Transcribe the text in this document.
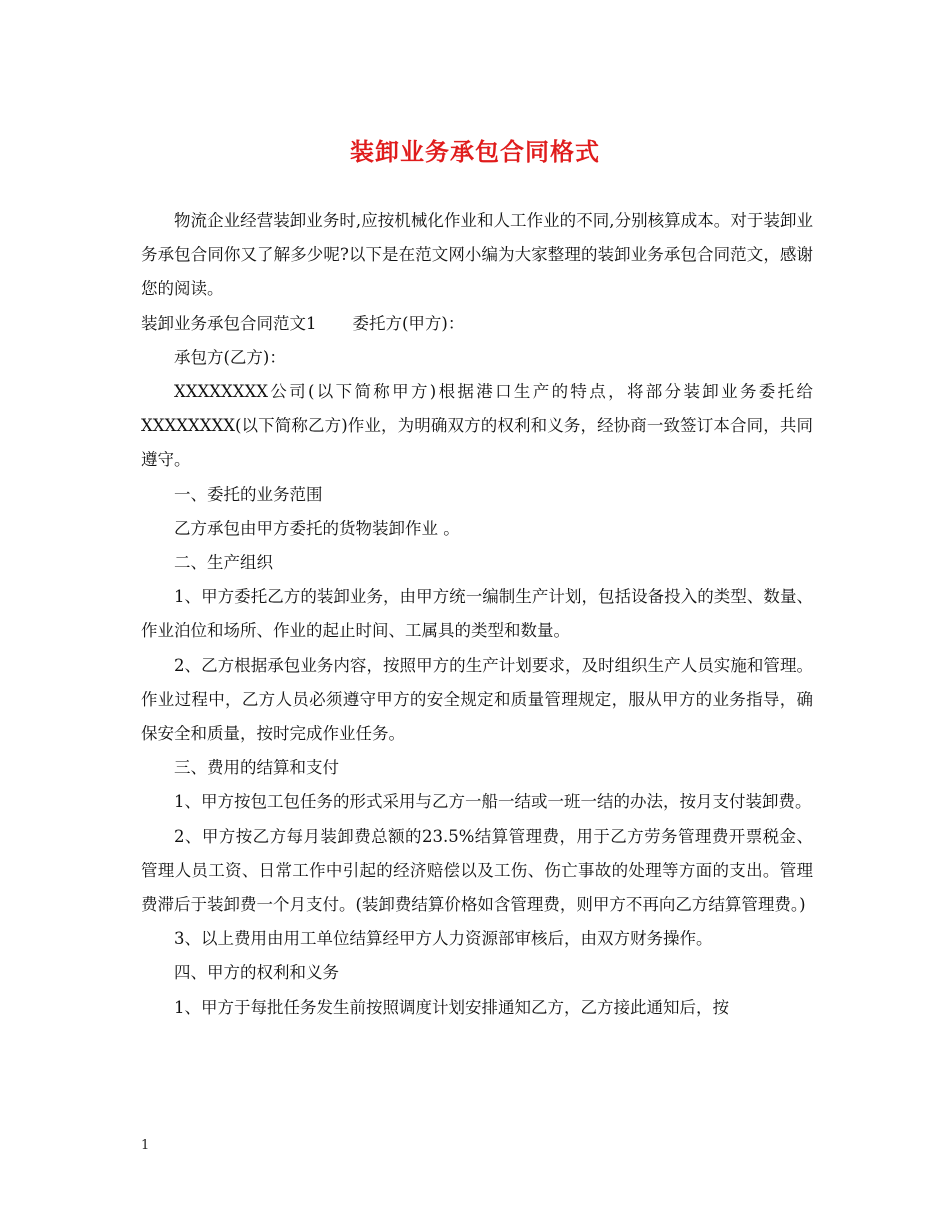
装卸业务承包合同格式

物流企业经营装卸业务时,应按机械化作业和人工作业的不同,分别核算成本。对于装卸业务承包合同你又了解多少呢?以下是在范文网小编为大家整理的装卸业务承包合同范文，感谢您的阅读。

装卸业务承包合同范文1 委托方(甲方)：

承包方(乙方)：

XXXXXXXX公司(以下简称甲方)根据港口生产的特点，将部分装卸业务委托给XXXXXXXX(以下简称乙方)作业，为明确双方的权利和义务，经协商一致签订本合同，共同遵守。

一、委托的业务范围

乙方承包由甲方委托的货物装卸作业 。

二、生产组织

1、甲方委托乙方的装卸业务，由甲方统一编制生产计划，包括设备投入的类型、数量、作业泊位和场所、作业的起止时间、工属具的类型和数量。

2、乙方根据承包业务内容，按照甲方的生产计划要求，及时组织生产人员实施和管理。作业过程中，乙方人员必须遵守甲方的安全规定和质量管理规定，服从甲方的业务指导，确保安全和质量，按时完成作业任务。

三、费用的结算和支付

1、甲方按包工包任务的形式采用与乙方一船一结或一班一结的办法，按月支付装卸费。

2、甲方按乙方每月装卸费总额的23.5%结算管理费，用于乙方劳务管理费开票税金、管理人员工资、日常工作中引起的经济赔偿以及工伤、伤亡事故的处理等方面的支出。管理费滞后于装卸费一个月支付。(装卸费结算价格如含管理费，则甲方不再向乙方结算管理费。)

3、以上费用由用工单位结算经甲方人力资源部审核后，由双方财务操作。

四、甲方的权利和义务

1、甲方于每批任务发生前按照调度计划安排通知乙方，乙方接此通知后，按

1
